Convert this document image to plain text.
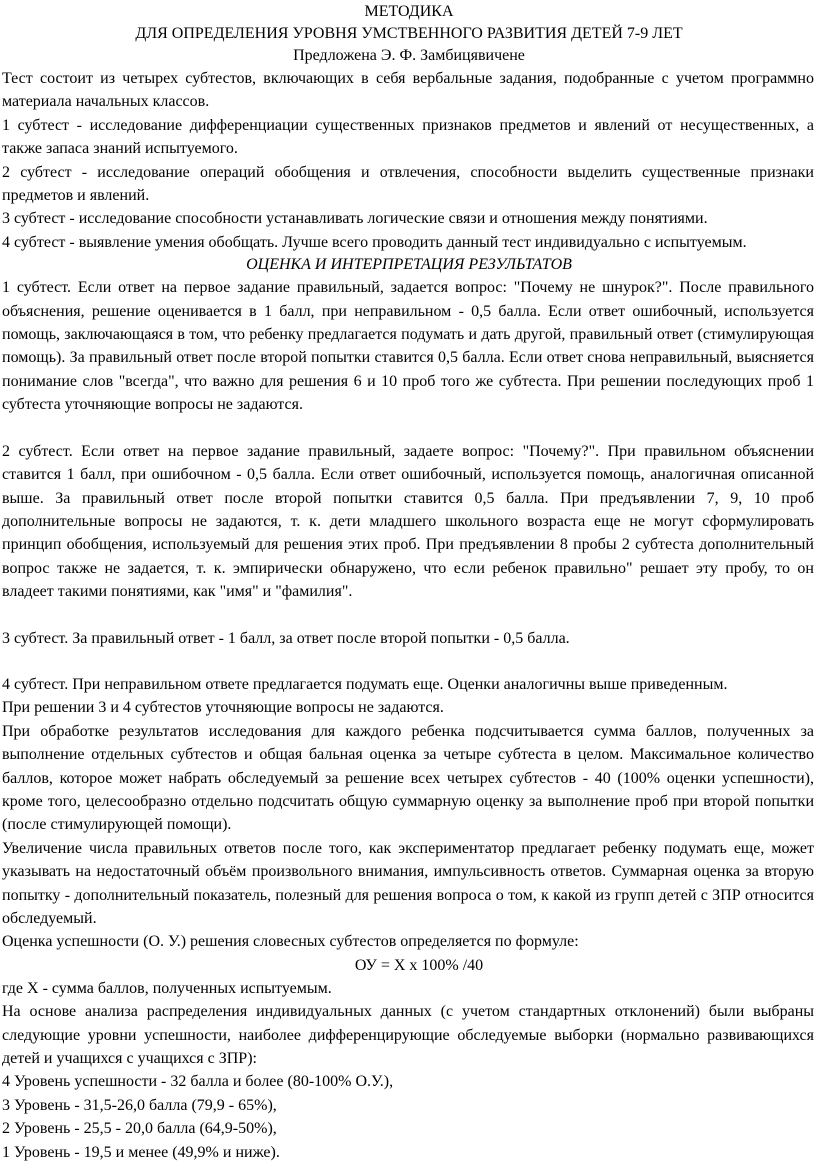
МЕТОДИКА

ДЛЯ ОПРЕДЕЛЕНИЯ УРОВНЯ УМСТВЕННОГО РАЗВИТИЯ ДЕТЕЙ 7-9 ЛЕТ

Предложена Э. Ф. Замбицявичене

Тест состоит из четырех субтестов, включающих в себя вербальные задания, подобранные с учетом программно материала начальных классов.

1 субтест - исследование дифференциации существенных признаков предметов и явлений от несущественных, а также запаса знаний испытуемого.

2 субтест - исследование операций обобщения и отвлечения, способности выделить существенные признаки предметов и явлений.

3 субтест - исследование способности устанавливать логические связи и отношения между понятиями.

4 субтест - выявление умения обобщать. Лучше всего проводить данный тест индивидуально с испытуемым.

ОЦЕНКА И ИНТЕРПРЕТАЦИЯ РЕЗУЛЬТАТОВ

1 субтест. Если ответ на первое задание правильный, задается вопрос: "Почему не шнурок?". После правильного объяснения, решение оценивается в 1 балл, при неправильном - 0,5 балла. Если ответ ошибочный, используется помощь, заключающаяся в том, что ребенку предлагается подумать и дать другой, правильный ответ (стимулирующая помощь). За правильный ответ после второй попытки ставится 0,5 балла. Если ответ снова неправильный, выясняется понимание слов "всегда", что важно для решения 6 и 10 проб того же субтеста. При решении последующих проб 1 субтеста уточняющие вопросы не задаются.

2 субтест. Если ответ на первое задание правильный, задаете вопрос: "Почему?". При правильном объяснении ставится 1 балл, при ошибочном - 0,5 балла. Если ответ ошибочный, используется помощь, аналогичная описанной выше. За правильный ответ после второй попытки ставится 0,5 балла. При предъявлении 7, 9, 10 проб дополнительные вопросы не задаются, т. к. дети младшего школьного возраста еще не могут сформулировать принцип обобщения, используемый для решения этих проб. При предъявлении 8 пробы 2 субтеста дополнительный вопрос также не задается, т. к. эмпирически обнаружено, что если ребенок правильно" решает эту пробу, то он владеет такими понятиями, как "имя" и "фамилия".

3 субтест. За правильный ответ - 1 балл, за ответ после второй попытки - 0,5 балла.

4 субтест. При неправильном ответе предлагается подумать еще. Оценки аналогичны выше приведенным.

При решении 3 и 4 субтестов уточняющие вопросы не задаются.

При обработке результатов исследования для каждого ребенка подсчитывается сумма баллов, полученных за выполнение отдельных субтестов и общая бальная оценка за четыре субтеста в целом. Максимальное количество баллов, которое может набрать обследуемый за решение всех четырех субтестов - 40 (100% оценки успешности), кроме того, целесообразно отдельно подсчитать общую суммарную оценку за выполнение проб при второй попытки (после стимулирующей помощи).

Увеличение числа правильных ответов после того, как экспериментатор предлагает ребенку подумать еще, может указывать на недостаточный объём произвольного внимания, импульсивность ответов. Суммарная оценка за вторую попытку - дополнительный показатель, полезный для решения вопроса о том, к какой из групп детей с ЗПР относится обследуемый.

Оценка успешности (О. У.) решения словесных субтестов определяется по формуле:

ОУ = Х х 100% /40

где Х - сумма баллов, полученных испытуемым.

На основе анализа распределения индивидуальных данных (с учетом стандартных отклонений) были выбраны следующие уровни успешности, наиболее дифференцирующие обследуемые выборки (нормально развивающихся детей и учащихся с учащихся с ЗПР):

4 Уровень успешности - 32 балла и более (80-100% О.У.),

3 Уровень - 31,5-26,0 балла (79,9 - 65%),

2 Уровень - 25,5 - 20,0 балла (64,9-50%),

1 Уровень - 19,5 и менее (49,9% и ниже).
